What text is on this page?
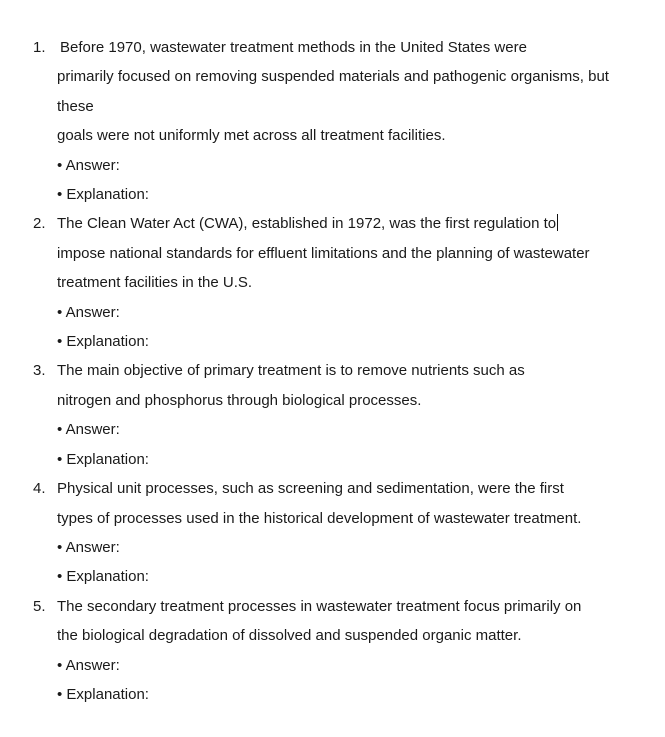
1. Before 1970, wastewater treatment methods in the United States were
primarily focused on removing suspended materials and pathogenic organisms, but
these
goals were not uniformly met across all treatment facilities.
• Answer:
• Explanation:
2. The Clean Water Act (CWA), established in 1972, was the first regulation to
impose national standards for effluent limitations and the planning of wastewater
treatment facilities in the U.S.
• Answer:
• Explanation:
3. The main objective of primary treatment is to remove nutrients such as
nitrogen and phosphorus through biological processes.
• Answer:
• Explanation:
4. Physical unit processes, such as screening and sedimentation, were the first
types of processes used in the historical development of wastewater treatment.
• Answer:
• Explanation:
5. The secondary treatment processes in wastewater treatment focus primarily on
the biological degradation of dissolved and suspended organic matter.
• Answer:
• Explanation:
